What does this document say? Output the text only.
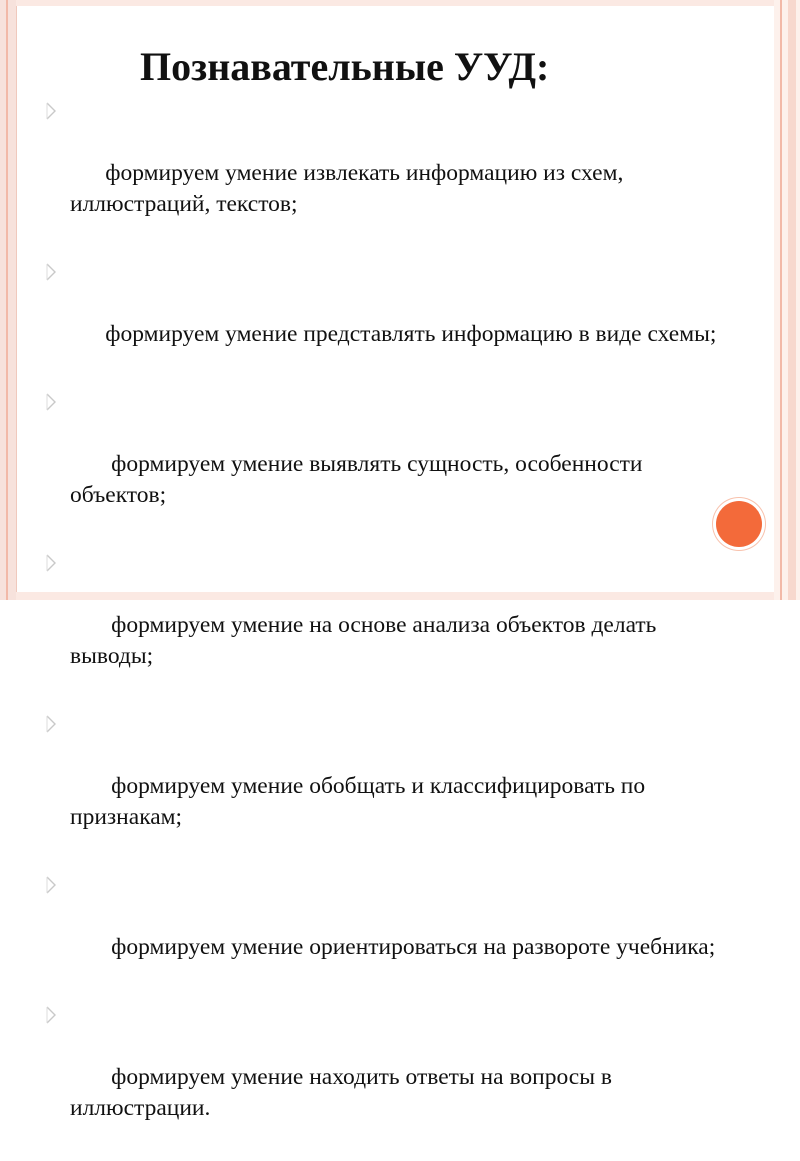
Познавательные УУД:

формируем умение извлекать информацию из схем, иллюстраций, текстов;

формируем умение представлять информацию в виде схемы;

формируем умение выявлять сущность, особенности объектов;

формируем умение на основе анализа объектов делать выводы;

формируем умение обобщать и классифицировать по признакам;

формируем умение ориентироваться на развороте учебника;

формируем умение находить ответы на вопросы в иллюстрации.
